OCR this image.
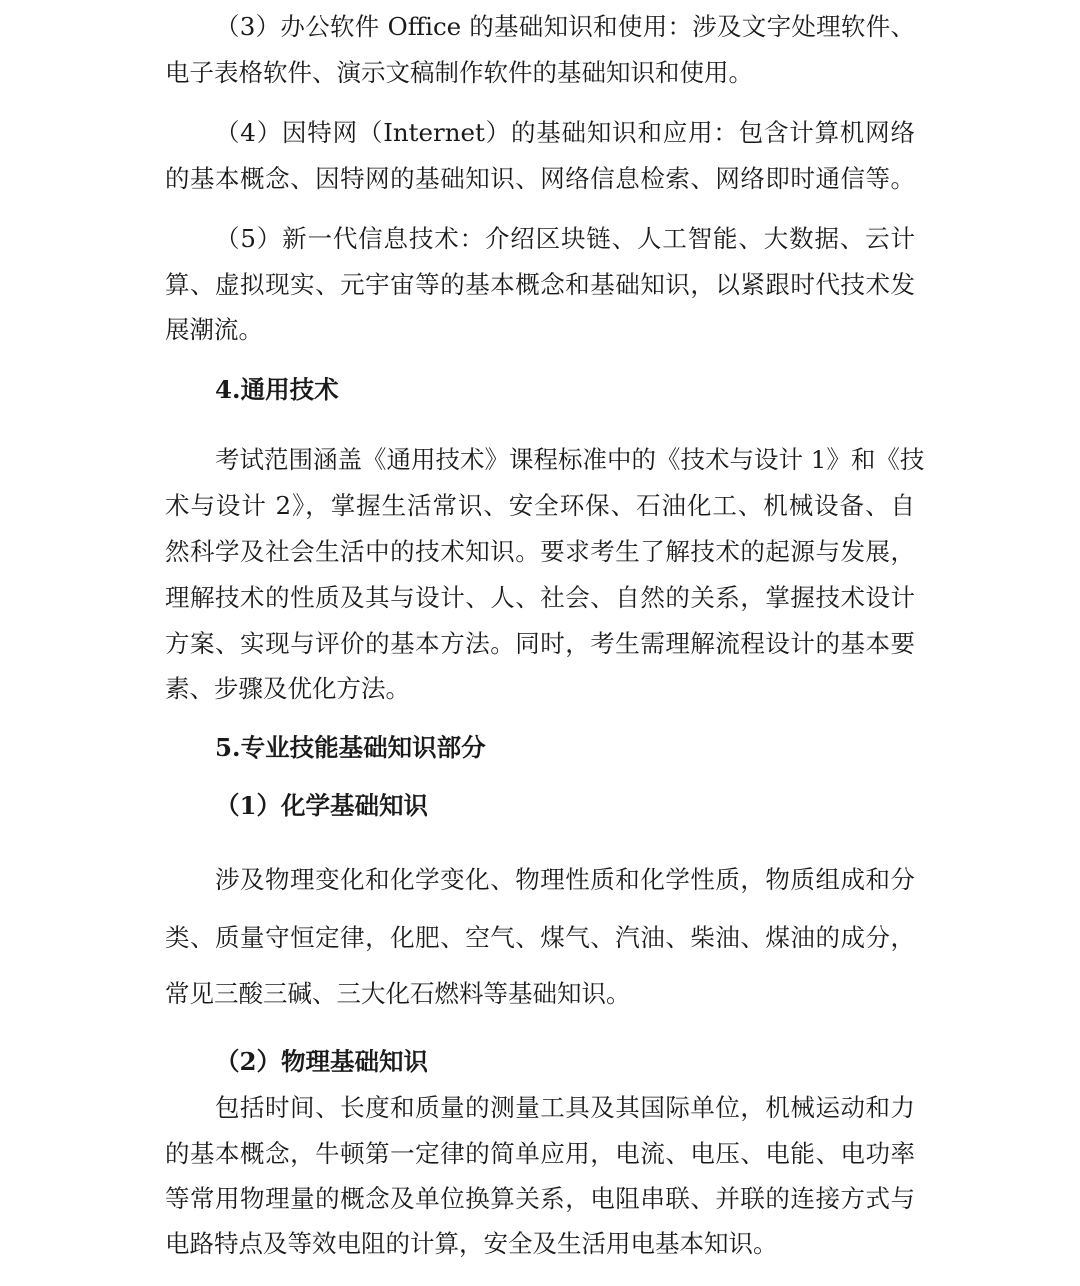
（3）办公软件 Office 的基础知识和使用：涉及文字处理软件、
电子表格软件、演示文稿制作软件的基础知识和使用。
（4）因特网（Internet）的基础知识和应用：包含计算机网络
的基本概念、因特网的基础知识、网络信息检索、网络即时通信等。
（5）新一代信息技术：介绍区块链、人工智能、大数据、云计
算、虚拟现实、元宇宙等的基本概念和基础知识，以紧跟时代技术发
展潮流。
4.通用技术
考试范围涵盖《通用技术》课程标准中的《技术与设计 1》和《技
术与设计 2》，掌握生活常识、安全环保、石油化工、机械设备、自
然科学及社会生活中的技术知识。要求考生了解技术的起源与发展，
理解技术的性质及其与设计、人、社会、自然的关系，掌握技术设计
方案、实现与评价的基本方法。同时，考生需理解流程设计的基本要
素、步骤及优化方法。
5.专业技能基础知识部分
（1）化学基础知识
涉及物理变化和化学变化、物理性质和化学性质，物质组成和分
类、质量守恒定律，化肥、空气、煤气、汽油、柴油、煤油的成分，
常见三酸三碱、三大化石燃料等基础知识。
（2）物理基础知识
包括时间、长度和质量的测量工具及其国际单位，机械运动和力
的基本概念，牛顿第一定律的简单应用，电流、电压、电能、电功率
等常用物理量的概念及单位换算关系，电阻串联、并联的连接方式与
电路特点及等效电阻的计算，安全及生活用电基本知识。
